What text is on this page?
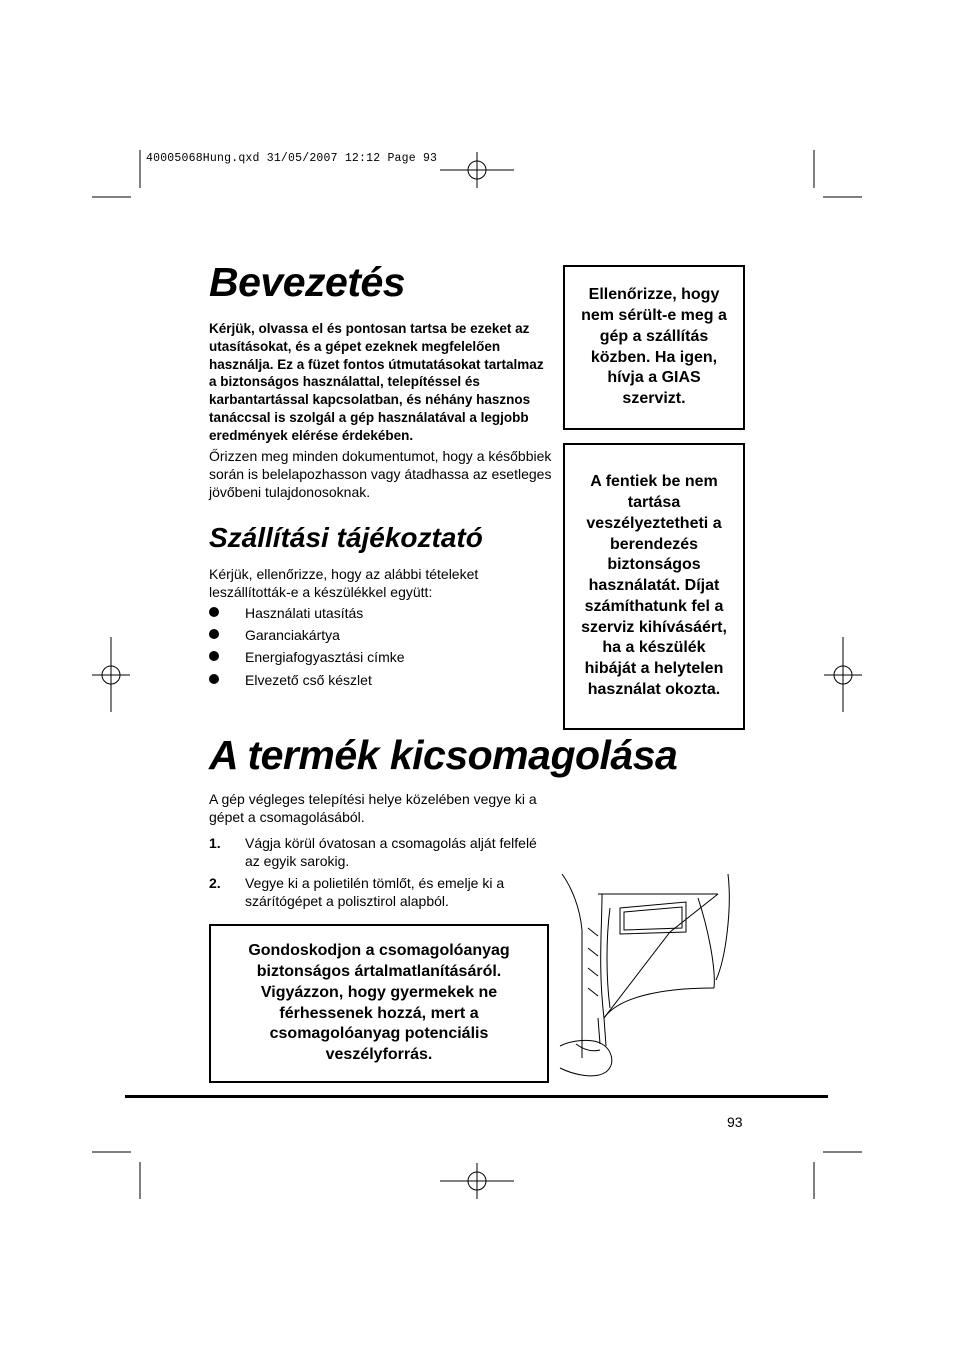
40005068Hung.qxd 31/05/2007 12:12 Page 93
Bevezetés
Kérjük, olvassa el és pontosan tartsa be ezeket az utasításokat, és a gépet ezeknek megfelelően használja. Ez a füzet fontos útmutatásokat tartalmaz a biztonságos használattal, telepítéssel és karbantartással kapcsolatban, és néhány hasznos tanáccsal is szolgál a gép használatával a legjobb eredmények elérése érdekében.
Őrizzen meg minden dokumentumot, hogy a későbbiek során is belelapozhasson vagy átadhassa az esetleges jövőbeni tulajdonosoknak.
Szállítási tájékoztató
Kérjük, ellenőrizze, hogy az alábbi tételeket leszállították-e a készülékkel együtt:
Használati utasítás
Garanciakártya
Energiafogyasztási címke
Elvezető cső készlet
Ellenőrizze, hogy nem sérült-e meg a gép a szállítás közben. Ha igen, hívja a GIAS szervizt.
A fentiek be nem tartása veszélyeztetheti a berendezés biztonságos használatát. Díjat számíthatunk fel a szerviz kihívásáért, ha a készülék hibáját a helytelen használat okozta.
A termék kicsomagolása
A gép végleges telepítési helye közelében vegye ki a gépet a csomagolásából.
1. Vágja körül óvatosan a csomagolás alját felfelé az egyik sarokig.
2. Vegye ki a polietilén tömlőt, és emelje ki a szárítógépet a polisztirol alapból.
Gondoskodjon a csomagolóanyag biztonságos ártalmatlanításáról. Vigyázzon, hogy gyermekek ne férhessenek hozzá, mert a csomagolóanyag potenciális veszélyforrás.
93
